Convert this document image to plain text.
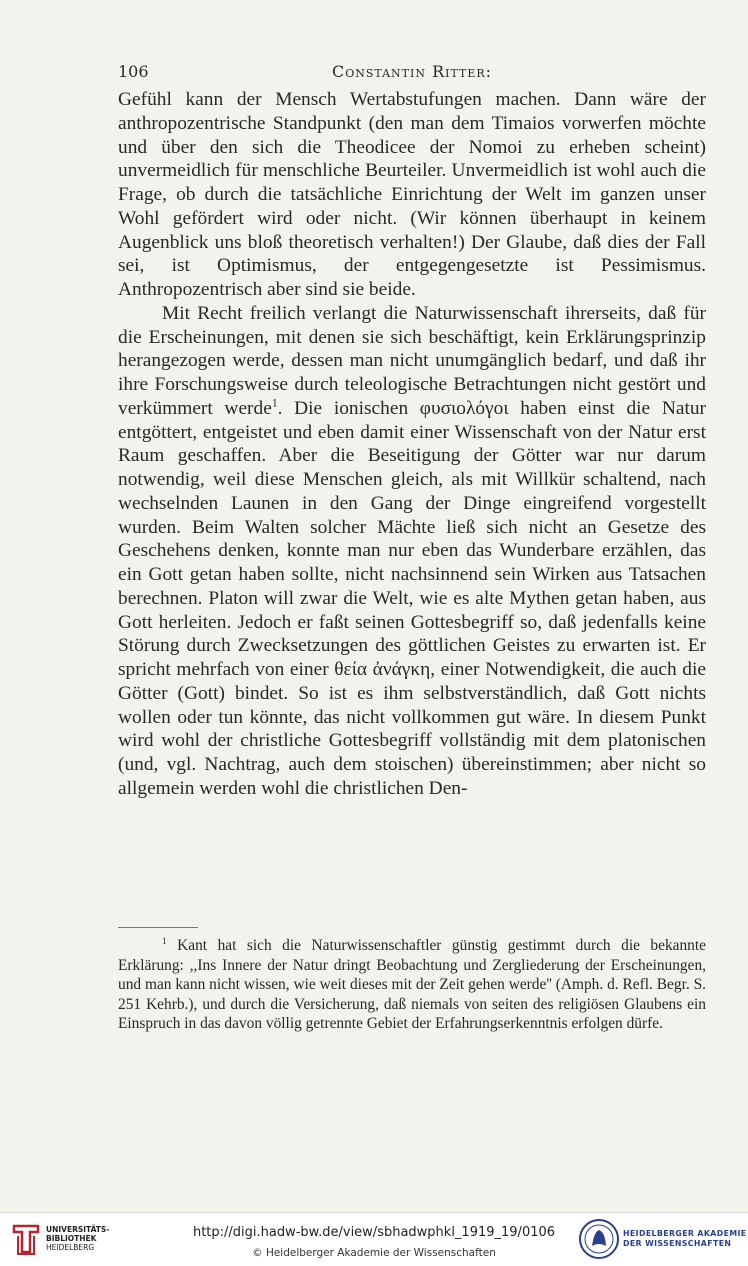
106	Constantin Ritter:

Gefühl kann der Mensch Wertabstufungen machen. Dann wäre der anthropozentrische Standpunkt (den man dem Timaios vorwerfen möchte und über den sich die Theodicee der Nomoi zu erheben scheint) unvermeidlich für menschliche Beurteiler. Unvermeidlich ist wohl auch die Frage, ob durch die tatsächliche Einrichtung der Welt im ganzen unser Wohl gefördert wird oder nicht. (Wir können überhaupt in keinem Augenblick uns bloß theoretisch verhalten!) Der Glaube, daß dies der Fall sei, ist Optimismus, der entgegengesetzte ist Pessimismus. Anthropozentrisch aber sind sie beide.

Mit Recht freilich verlangt die Naturwissenschaft ihrerseits, daß für die Erscheinungen, mit denen sie sich beschäftigt, kein Erklärungsprinzip herangezogen werde, dessen man nicht unumgänglich bedarf, und daß ihr ihre Forschungsweise durch teleologische Betrachtungen nicht gestört und verkümmert werde$^1$. Die ionischen φυσιολόγοι haben einst die Natur entgöttert, entgeistet und eben damit einer Wissenschaft von der Natur erst Raum geschaffen. Aber die Beseitigung der Götter war nur darum notwendig, weil diese Menschen gleich, als mit Willkür schaltend, nach wechselnden Launen in den Gang der Dinge eingreifend vorgestellt wurden. Beim Walten solcher Mächte ließ sich nicht an Gesetze des Geschehens denken, konnte man nur eben das Wunderbare erzählen, das ein Gott getan haben sollte, nicht nachsinnend sein Wirken aus Tatsachen berechnen. Platon will zwar die Welt, wie es alte Mythen getan haben, aus Gott herleiten. Jedoch er faßt seinen Gottesbegriff so, daß jedenfalls keine Störung durch Zwecksetzungen des göttlichen Geistes zu erwarten ist. Er spricht mehrfach von einer θεία ἀνάγκη, einer Notwendigkeit, die auch die Götter (Gott) bindet. So ist es ihm selbstverständlich, daß Gott nichts wollen oder tun könnte, das nicht vollkommen gut wäre. In diesem Punkt wird wohl der christliche Gottesbegriff vollständig mit dem platonischen (und, vgl. Nachtrag, auch dem stoischen) übereinstimmen; aber nicht so allgemein werden wohl die christlichen Den-

$^1$ Kant hat sich die Naturwissenschaftler günstig gestimmt durch die bekannte Erklärung: ,,Ins Innere der Natur dringt Beobachtung und Zergliederung der Erscheinungen, und man kann nicht wissen, wie weit dieses mit der Zeit gehen werde'' (Amph. d. Refl. Begr. S. 251 Kehrb.), und durch die Versicherung, daß niemals von seiten des religiösen Glaubens ein Einspruch in das davon völlig getrennte Gebiet der Erfahrungserkenntnis erfolgen dürfe.

UNIVERSITÄTS-
BIBLIOTHEK
HEIDELBERG
http://digi.hadw-bw.de/view/sbhadwphkl_1919_19/0106
© Heidelberger Akademie der Wissenschaften
HEIDELBERGER AKADEMIE
DER WISSENSCHAFTEN
